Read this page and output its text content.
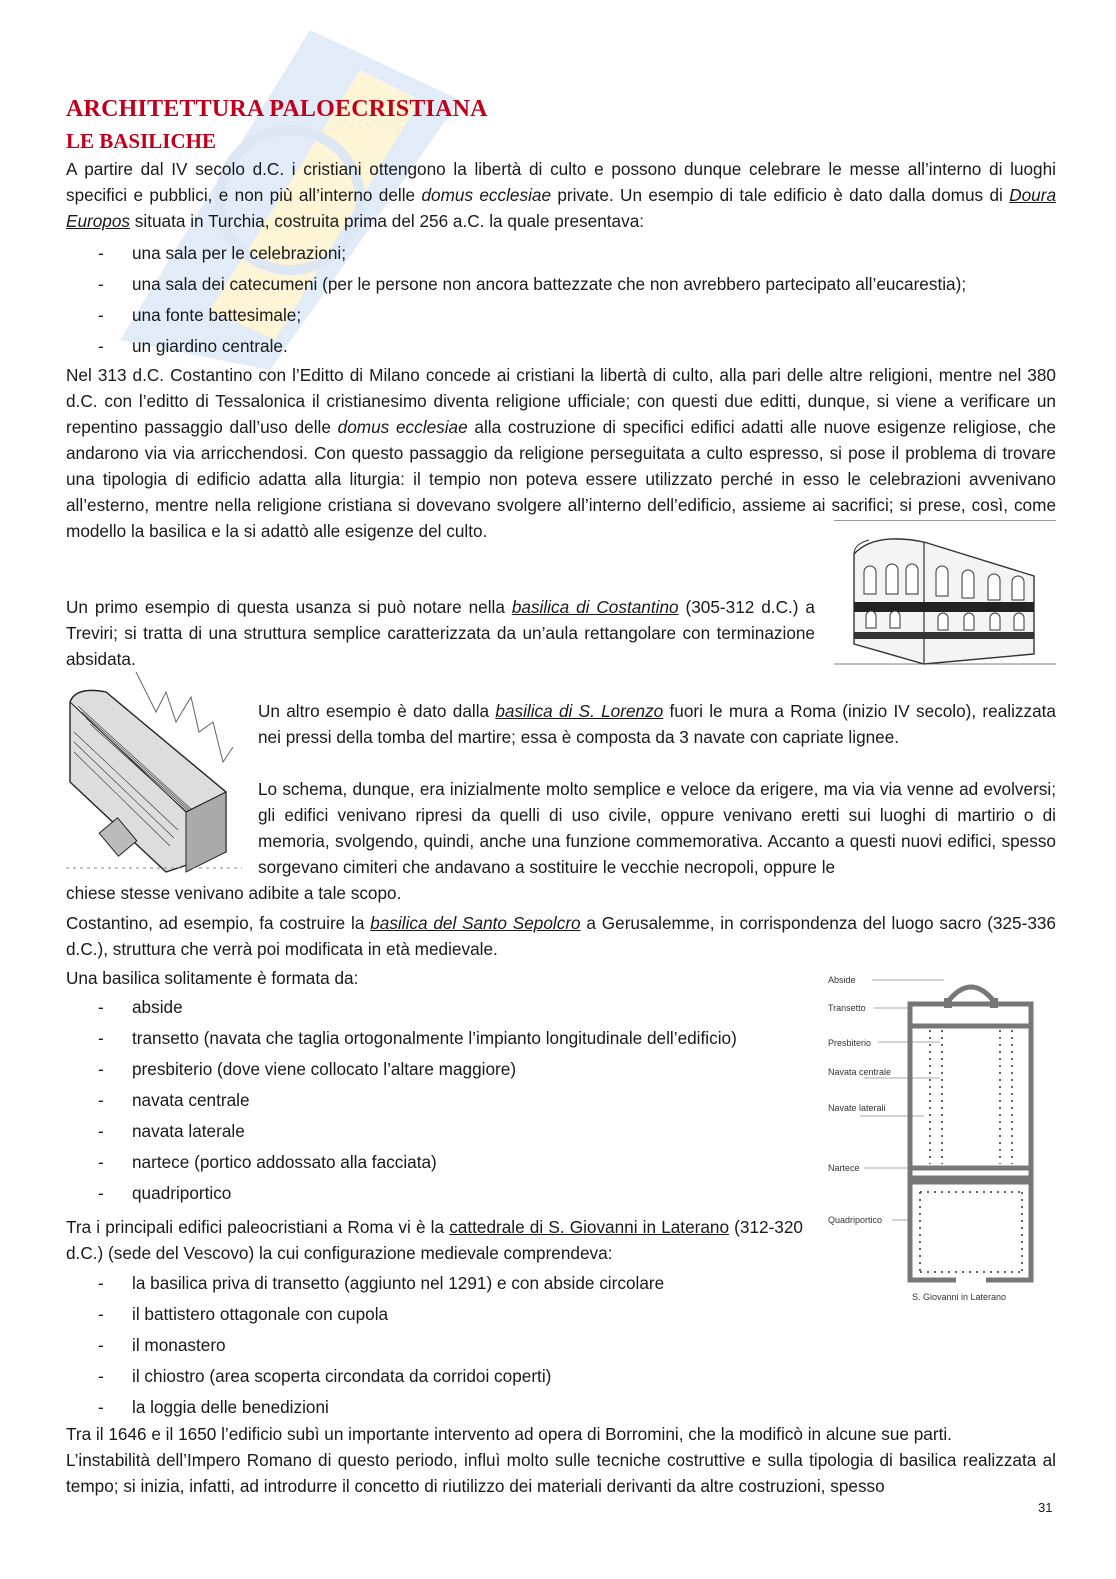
ARCHITETTURA PALOECRISTIANA
LE BASILICHE

A partire dal IV secolo d.C. i cristiani ottengono la libertà di culto e possono dunque celebrare le messe all’interno di luoghi specifici e pubblici, e non più all’interno delle domus ecclesiae private. Un esempio di tale edificio è dato dalla domus di Doura Europos situata in Turchia, costruita prima del 256 a.C. la quale presentava:

- una sala per le celebrazioni;
- una sala dei catecumeni (per le persone non ancora battezzate che non avrebbero partecipato all’eucarestia);
- una fonte battesimale;
- un giardino centrale.

Nel 313 d.C. Costantino con l’Editto di Milano concede ai cristiani la libertà di culto, alla pari delle altre religioni, mentre nel 380 d.C. con l’editto di Tessalonica il cristianesimo diventa religione ufficiale; con questi due editti, dunque, si viene a verificare un repentino passaggio dall’uso delle domus ecclesiae alla costruzione di specifici edifici adatti alle nuove esigenze religiose, che andarono via via arricchendosi. Con questo passaggio da religione perseguitata a culto espresso, si pose il problema di trovare una tipologia di edificio adatta alla liturgia: il tempio non poteva essere utilizzato perché in esso le celebrazioni avvenivano all’esterno, mentre nella religione cristiana si dovevano svolgere all’interno dell’edificio, assieme ai sacrifici; si prese, così, come modello la basilica e la si adattò alle esigenze del culto.

Un primo esempio di questa usanza si può notare nella basilica di Costantino (305-312 d.C.) a Treviri; si tratta di una struttura semplice caratterizzata da un’aula rettangolare con terminazione absidata.

Un altro esempio è dato dalla basilica di S. Lorenzo fuori le mura a Roma (inizio IV secolo), realizzata nei pressi della tomba del martire; essa è composta da 3 navate con capriate lignee.

Lo schema, dunque, era inizialmente molto semplice e veloce da erigere, ma via via venne ad evolversi; gli edifici venivano ripresi da quelli di uso civile, oppure venivano eretti sui luoghi di martirio o di memoria, svolgendo, quindi, anche una funzione commemorativa. Accanto a questi nuovi edifici, spesso sorgevano cimiteri che andavano a sostituire le vecchie necropoli, oppure le

chiese stesse venivano adibite a tale scopo.

Costantino, ad esempio, fa costruire la basilica del Santo Sepolcro a Gerusalemme, in corrispondenza del luogo sacro (325-336 d.C.), struttura che verrà poi modificata in età medievale.

Una basilica solitamente è formata da:

- abside
- transetto (navata che taglia ortogonalmente l’impianto longitudinale dell’edificio)
- presbiterio (dove viene collocato l’altare maggiore)
- navata centrale
- navata laterale
- nartece (portico addossato alla facciata)
- quadriportico

Tra i principali edifici paleocristiani a Roma vi è la cattedrale di S. Giovanni in Laterano (312-320 d.C.) (sede del Vescovo) la cui configurazione medievale comprendeva:

- la basilica priva di transetto (aggiunto nel 1291) e con abside circolare
- il battistero ottagonale con cupola
- il monastero
- il chiostro (area scoperta circondata da corridoi coperti)
- la loggia delle benedizioni

Tra il 1646 e il 1650 l’edificio subì un importante intervento ad opera di Borromini, che la modificò in alcune sue parti.

L’instabilità dell’Impero Romano di questo periodo, influì molto sulle tecniche costruttive e sulla tipologia di basilica realizzata al tempo; si inizia, infatti, ad introdurre il concetto di riutilizzo dei materiali derivanti da altre costruzioni, spesso

Abside
Transetto
Presbiterio
Navata centrale
Navate laterali
Nartece
Quadriportico
S. Giovanni in Laterano
31
